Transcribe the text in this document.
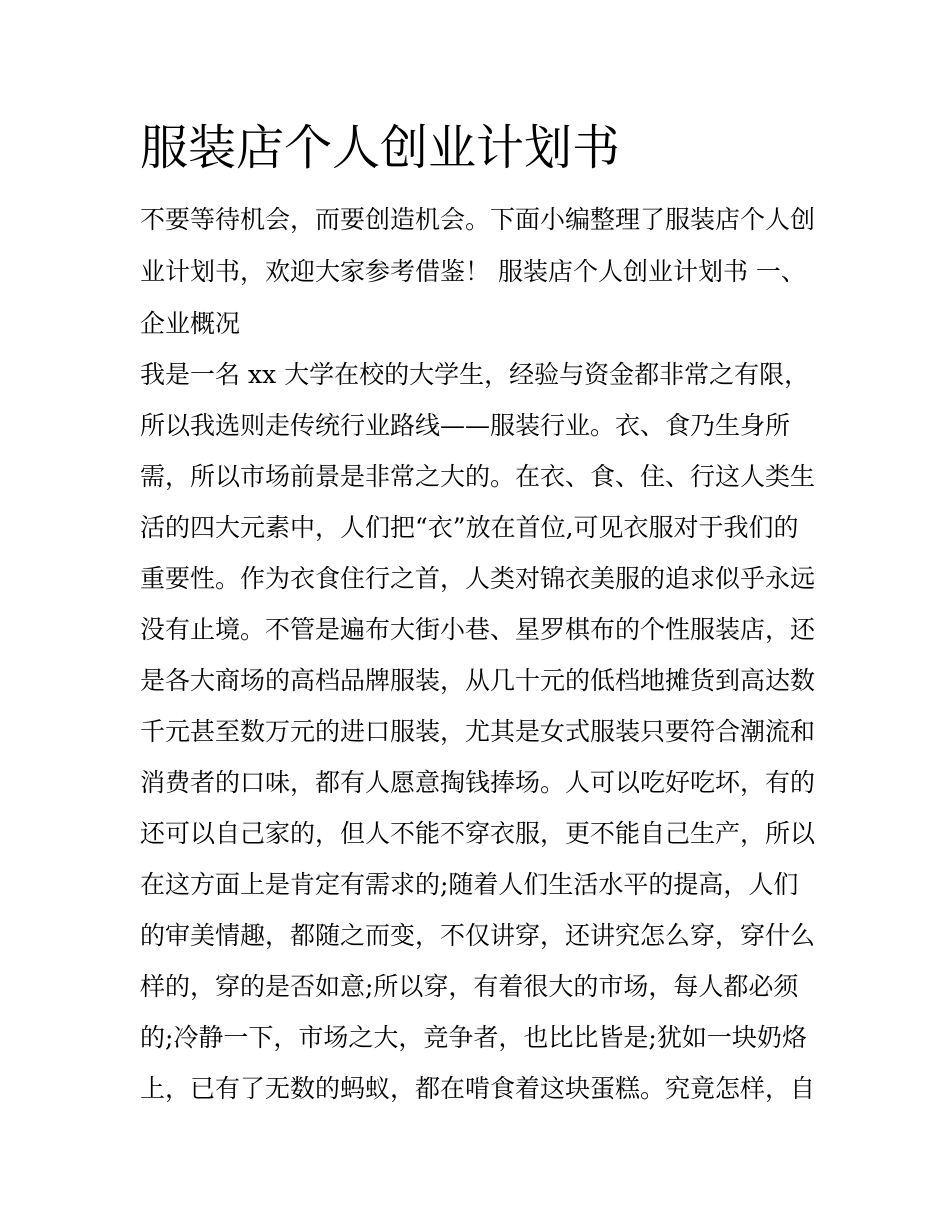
服装店个人创业计划书

不要等待机会，而要创造机会。下面小编整理了服装店个人创

业计划书，欢迎大家参考借鉴！ 服装店个人创业计划书 一、

企业概况

我是一名 xx 大学在校的大学生，经验与资金都非常之有限，

所以我选则走传统行业路线——服装行业。衣、食乃生身所

需，所以市场前景是非常之大的。在衣、食、住、行这人类生

活的四大元素中，人们把“衣”放在首位,可见衣服对于我们的

重要性。作为衣食住行之首，人类对锦衣美服的追求似乎永远

没有止境。不管是遍布大街小巷、星罗棋布的个性服装店，还

是各大商场的高档品牌服装，从几十元的低档地摊货到高达数

千元甚至数万元的进口服装，尤其是女式服装只要符合潮流和

消费者的口味，都有人愿意掏钱捧场。人可以吃好吃坏，有的

还可以自己家的，但人不能不穿衣服，更不能自己生产，所以

在这方面上是肯定有需求的;随着人们生活水平的提高，人们

的审美情趣，都随之而变，不仅讲穿，还讲究怎么穿，穿什么

样的，穿的是否如意;所以穿，有着很大的市场，每人都必须

的;冷静一下，市场之大，竞争者，也比比皆是;犹如一块奶烙

上，已有了无数的蚂蚁，都在啃食着这块蛋糕。究竟怎样，自
